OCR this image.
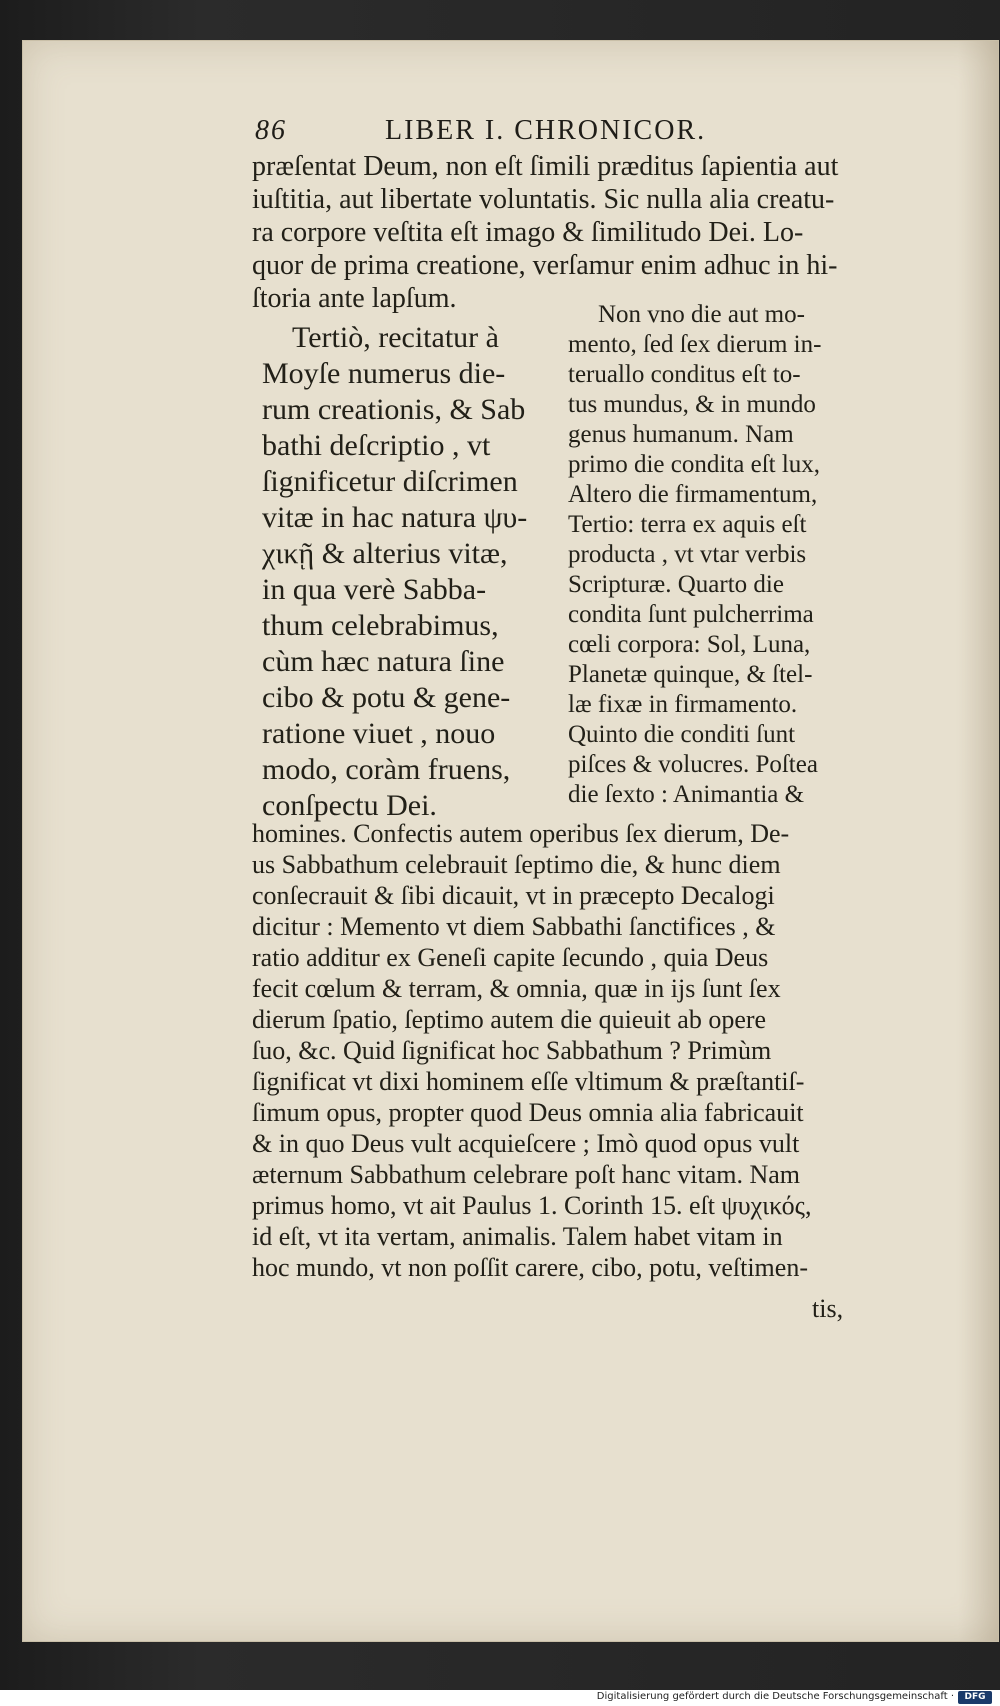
86	LIBER I. CHRONICOR.
præſentat Deum, non eſt ſimili præditus ſapientia aut
iuſtitia, aut libertate voluntatis. Sic nulla alia creatu-
ra corpore veſtita eſt imago & ſimilitudo Dei. Lo-
quor de prima creatione, verſamur enim adhuc in hi-
ſtoria ante lapſum.
Tertiò, recitatur à
Moyſe numerus die-
rum creationis, & Sab
bathi deſcriptio , vt
ſignificetur diſcrimen
vitæ in hac natura ψυ-
χικῇ & alterius vitæ,
in qua verè Sabba-
thum celebrabimus,
cùm hæc natura ſine
cibo & potu & gene-
ratione viuet , nouo
modo, coràm fruens,
conſpectu Dei.
Non vno die aut mo-
mento, ſed ſex dierum in-
teruallo conditus eſt to-
tus mundus, & in mundo
genus humanum. Nam
primo die condita eſt lux,
Altero die firmamentum,
Tertio: terra ex aquis eſt
producta , vt vtar verbis
Scripturæ. Quarto die
condita ſunt pulcherrima
cœli corpora: Sol, Luna,
Planetæ quinque, & ſtel-
læ fixæ in firmamento.
Quinto die conditi ſunt
piſces & volucres. Poſtea
die ſexto : Animantia &
homines. Confectis autem operibus ſex dierum, De-
us Sabbathum celebrauit ſeptimo die, & hunc diem
conſecrauit & ſibi dicauit, vt in præcepto Decalogi
dicitur : Memento vt diem Sabbathi ſanctifices , &
ratio additur ex Geneſi capite ſecundo , quia Deus
fecit cœlum & terram, & omnia, quæ in ijs ſunt ſex
dierum ſpatio, ſeptimo autem die quieuit ab opere
ſuo, &c. Quid ſignificat hoc Sabbathum ? Primùm
ſignificat vt dixi hominem eſſe vltimum & præſtantiſ-
ſimum opus, propter quod Deus omnia alia fabricauit
& in quo Deus vult acquieſcere ; Imò quod opus vult
æternum Sabbathum celebrare poſt hanc vitam. Nam
primus homo, vt ait Paulus 1. Corinth 15. eſt ψυχικός,
id eſt, vt ita vertam, animalis. Talem habet vitam in
hoc mundo, vt non poſſit carere, cibo, potu, veſtimen-
tis,
Digitalisierung gefördert durch die Deutsche Forschungsgemeinschaft ·	DFG
